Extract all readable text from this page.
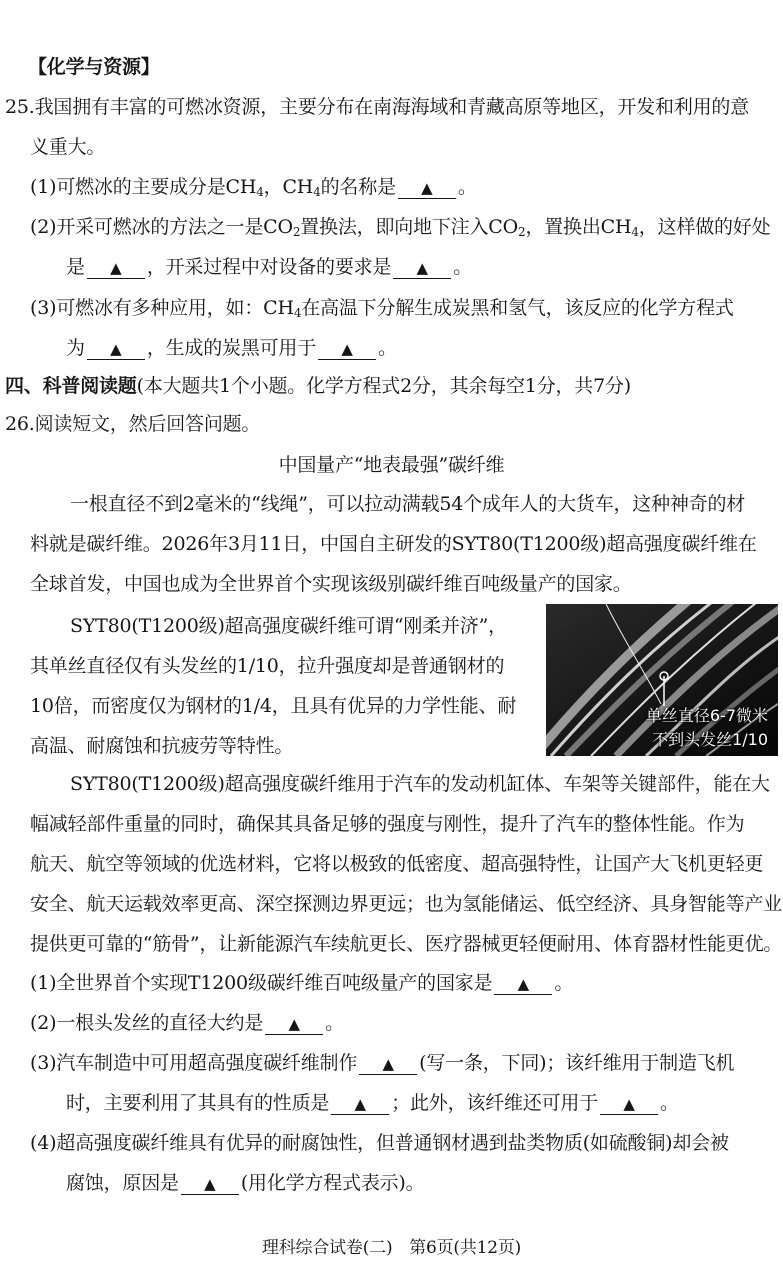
【化学与资源】
25.我国拥有丰富的可燃冰资源，主要分布在南海海域和青藏高原等地区，开发和利用的意
义重大。
(1)可燃冰的主要成分是$CH_4$，$CH_4$的名称是 ▲ 。
(2)开采可燃冰的方法之一是$CO_2$置换法，即向地下注入$CO_2$，置换出$CH_4$，这样做的好处
是 ▲ ，开采过程中对设备的要求是 ▲ 。
(3)可燃冰有多种应用，如：$CH_4$在高温下分解生成炭黑和氢气，该反应的化学方程式
为 ▲ ，生成的炭黑可用于 ▲ 。
四、科普阅读题(本大题共1个小题。化学方程式2分，其余每空1分，共7分)
26.阅读短文，然后回答问题。
中国量产“地表最强”碳纤维
一根直径不到2毫米的“线绳”，可以拉动满载54个成年人的大货车，这种神奇的材
料就是碳纤维。2026年3月11日，中国自主研发的SYT80(T1200级)超高强度碳纤维在
全球首发，中国也成为全世界首个实现该级别碳纤维百吨级量产的国家。
SYT80(T1200级)超高强度碳纤维可谓“刚柔并济”，
其单丝直径仅有头发丝的1/10，拉升强度却是普通钢材的
10倍，而密度仅为钢材的1/4，且具有优异的力学性能、耐
高温、耐腐蚀和抗疲劳等特性。
单丝直径6-7微米
不到头发丝1/10
SYT80(T1200级)超高强度碳纤维用于汽车的发动机缸体、车架等关键部件，能在大
幅减轻部件重量的同时，确保其具备足够的强度与刚性，提升了汽车的整体性能。作为
航天、航空等领域的优选材料，它将以极致的低密度、超高强特性，让国产大飞机更轻更
安全、航天运载效率更高、深空探测边界更远；也为氢能储运、低空经济、具身智能等产业
提供更可靠的“筋骨”，让新能源汽车续航更长、医疗器械更轻便耐用、体育器材性能更优。
(1)全世界首个实现T1200级碳纤维百吨级量产的国家是 ▲ 。
(2)一根头发丝的直径大约是 ▲ 。
(3)汽车制造中可用超高强度碳纤维制作 ▲ (写一条，下同)；该纤维用于制造飞机
时，主要利用了其具有的性质是 ▲ ；此外，该纤维还可用于 ▲ 。
(4)超高强度碳纤维具有优异的耐腐蚀性，但普通钢材遇到盐类物质(如硫酸铜)却会被
腐蚀，原因是 ▲ (用化学方程式表示)。
理科综合试卷(二)　第6页(共12页)
